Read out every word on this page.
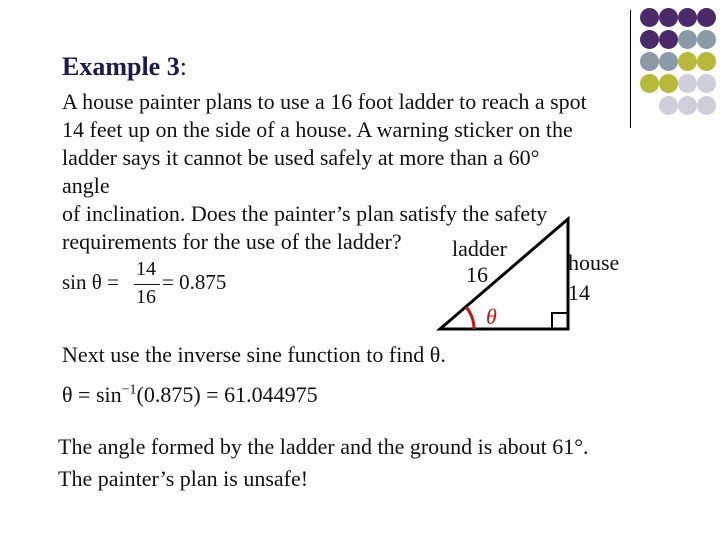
Example 3:
A house painter plans to use a 16 foot ladder to reach a spot
14 feet up on the side of a house. A warning sticker on the
ladder says it cannot be used safely at more than a 60°
angle
of inclination. Does the painter’s plan satisfy the safety
requirements for the use of the ladder? ladder
16	house
14
θ
sin θ =
14
16
= 0.875
Next use the inverse sine function to find θ.
$\theta = \sin^{-1}(0.875) = 61.044975$
The angle formed by the ladder and the ground is about 61°.
The painter’s plan is unsafe!
